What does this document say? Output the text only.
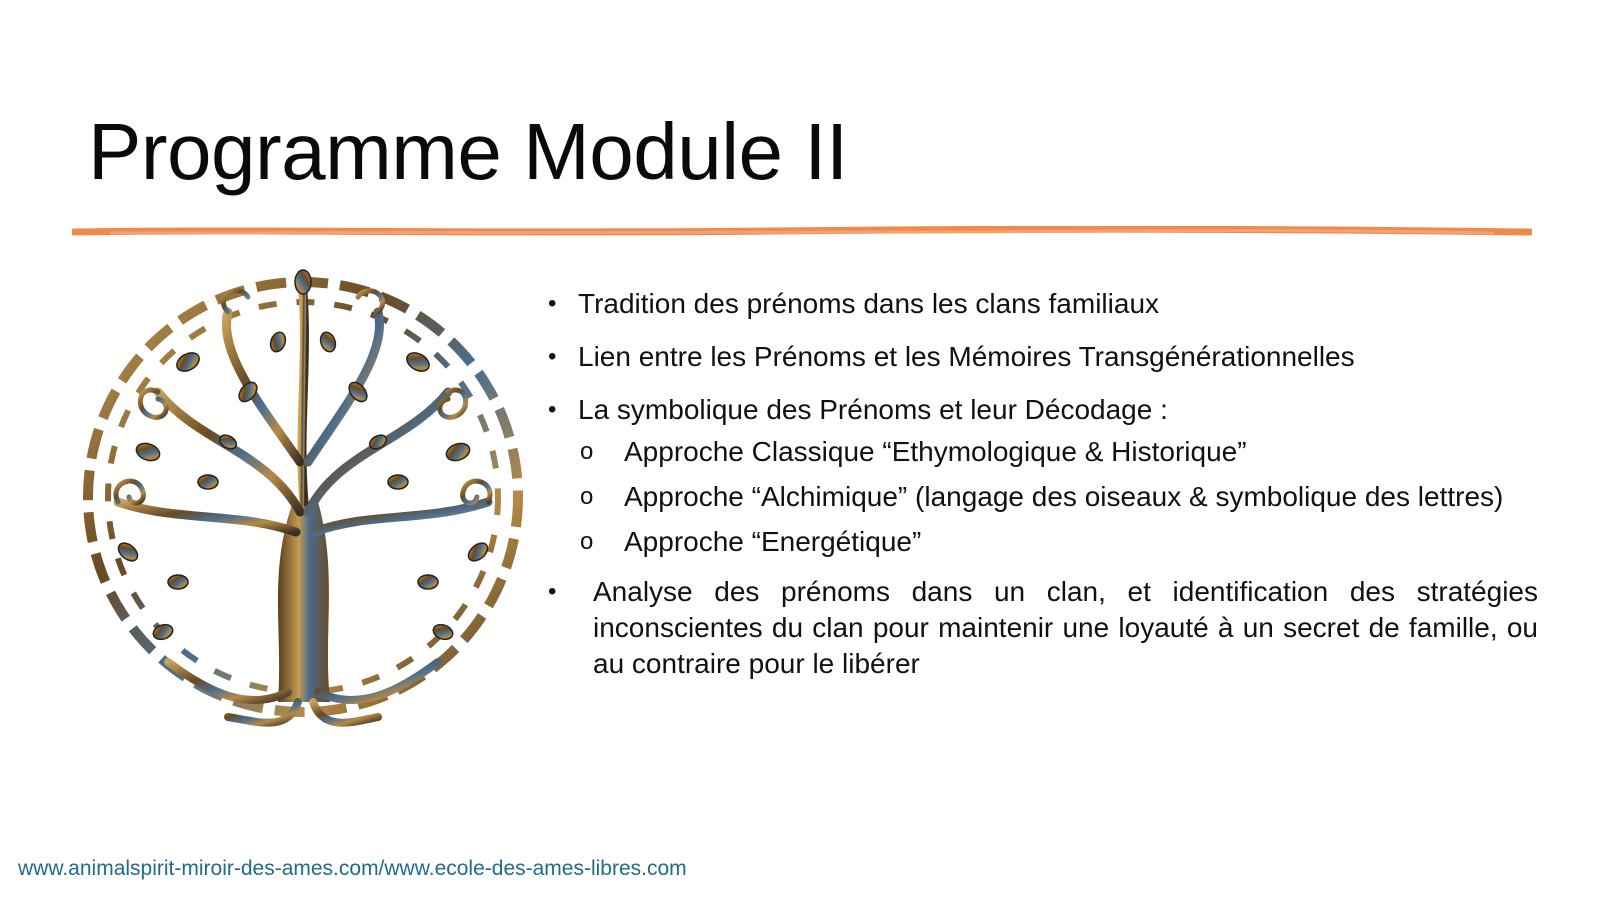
Programme Module II
• Tradition des prénoms dans les clans familiaux
• Lien entre les Prénoms et les Mémoires Transgénérationnelles
• La symbolique des Prénoms et leur Décodage :
o Approche Classique “Ethymologique & Historique”
o Approche “Alchimique” (langage des oiseaux & symbolique des lettres)
o Approche “Energétique”
• Analyse des prénoms dans un clan, et identification des stratégies inconscientes du clan pour maintenir une loyauté à un secret de famille, ou au contraire pour le libérer
www.animalspirit-miroir-des-ames.com/www.ecole-des-ames-libres.com
